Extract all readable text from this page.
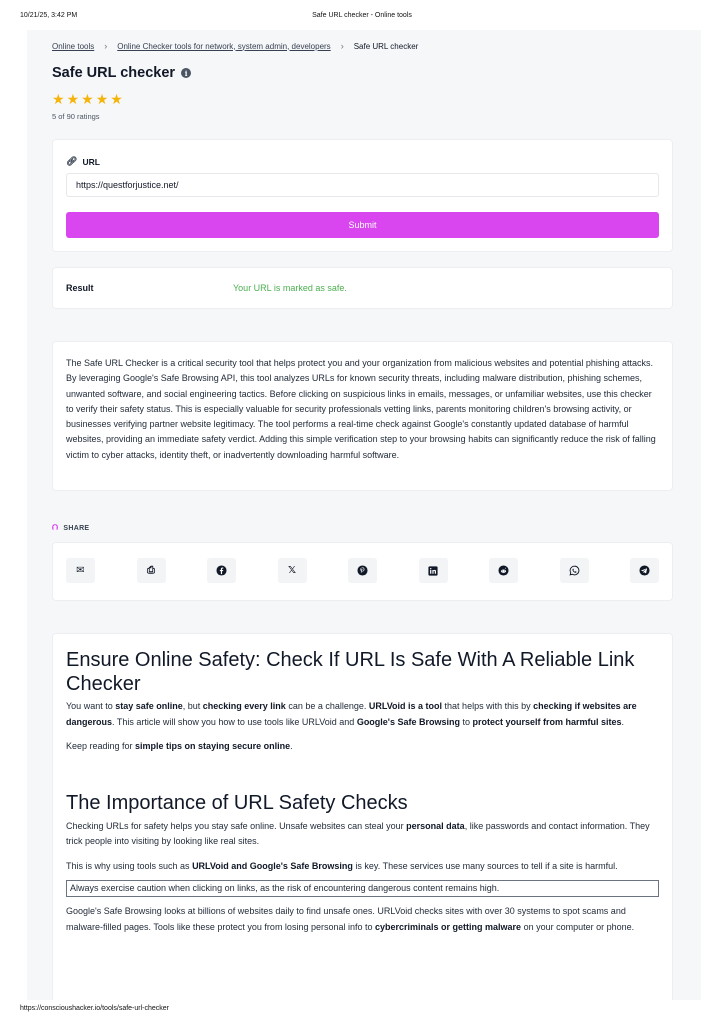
10/21/25, 3:42 PM	Safe URL checker - Online tools
Online tools › Online Checker tools for network, system admin, developers › Safe URL checker
Safe URL checker	i
★ ★ ★ ★ ★
5 of 90 ratings
🔗︎ URL
https://questforjustice.net/
Submit
Result	Your URL is marked as safe.

The Safe URL Checker is a critical security tool that helps protect you and your organization from malicious websites and potential phishing attacks. By leveraging Google's Safe Browsing API, this tool analyzes URLs for known security threats, including malware distribution, phishing schemes, unwanted software, and social engineering tactics. Before clicking on suspicious links in emails, messages, or unfamiliar websites, use this checker to verify their safety status. This is especially valuable for security professionals vetting links, parents monitoring children's browsing activity, or businesses verifying partner website legitimacy. The tool performs a real-time check against Google's constantly updated database of harmful websites, providing an immediate safety verdict. Adding this simple verification step to your browsing habits can significantly reduce the risk of falling victim to cyber attacks, identity theft, or inadvertently downloading harmful software.

⮉ SHARE
✉	⎙	𝕏
Ensure Online Safety: Check If URL Is Safe With A Reliable Link Checker

You want to stay safe online, but checking every link can be a challenge. URLVoid is a tool that helps with this by checking if websites are dangerous. This article will show you how to use tools like URLVoid and Google's Safe Browsing to protect yourself from harmful sites.

Keep reading for simple tips on staying secure online.

The Importance of URL Safety Checks

Checking URLs for safety helps you stay safe online. Unsafe websites can steal your personal data, like passwords and contact information. They trick people into visiting by looking like real sites.

This is why using tools such as URLVoid and Google's Safe Browsing is key. These services use many sources to tell if a site is harmful.

Always exercise caution when clicking on links, as the risk of encountering dangerous content remains high.

Google's Safe Browsing looks at billions of websites daily to find unsafe ones. URLVoid checks sites with over 30 systems to spot scams and malware-filled pages. Tools like these protect you from losing personal info to cybercriminals or getting malware on your computer or phone.

https://conscioushacker.io/tools/safe-url-checker
